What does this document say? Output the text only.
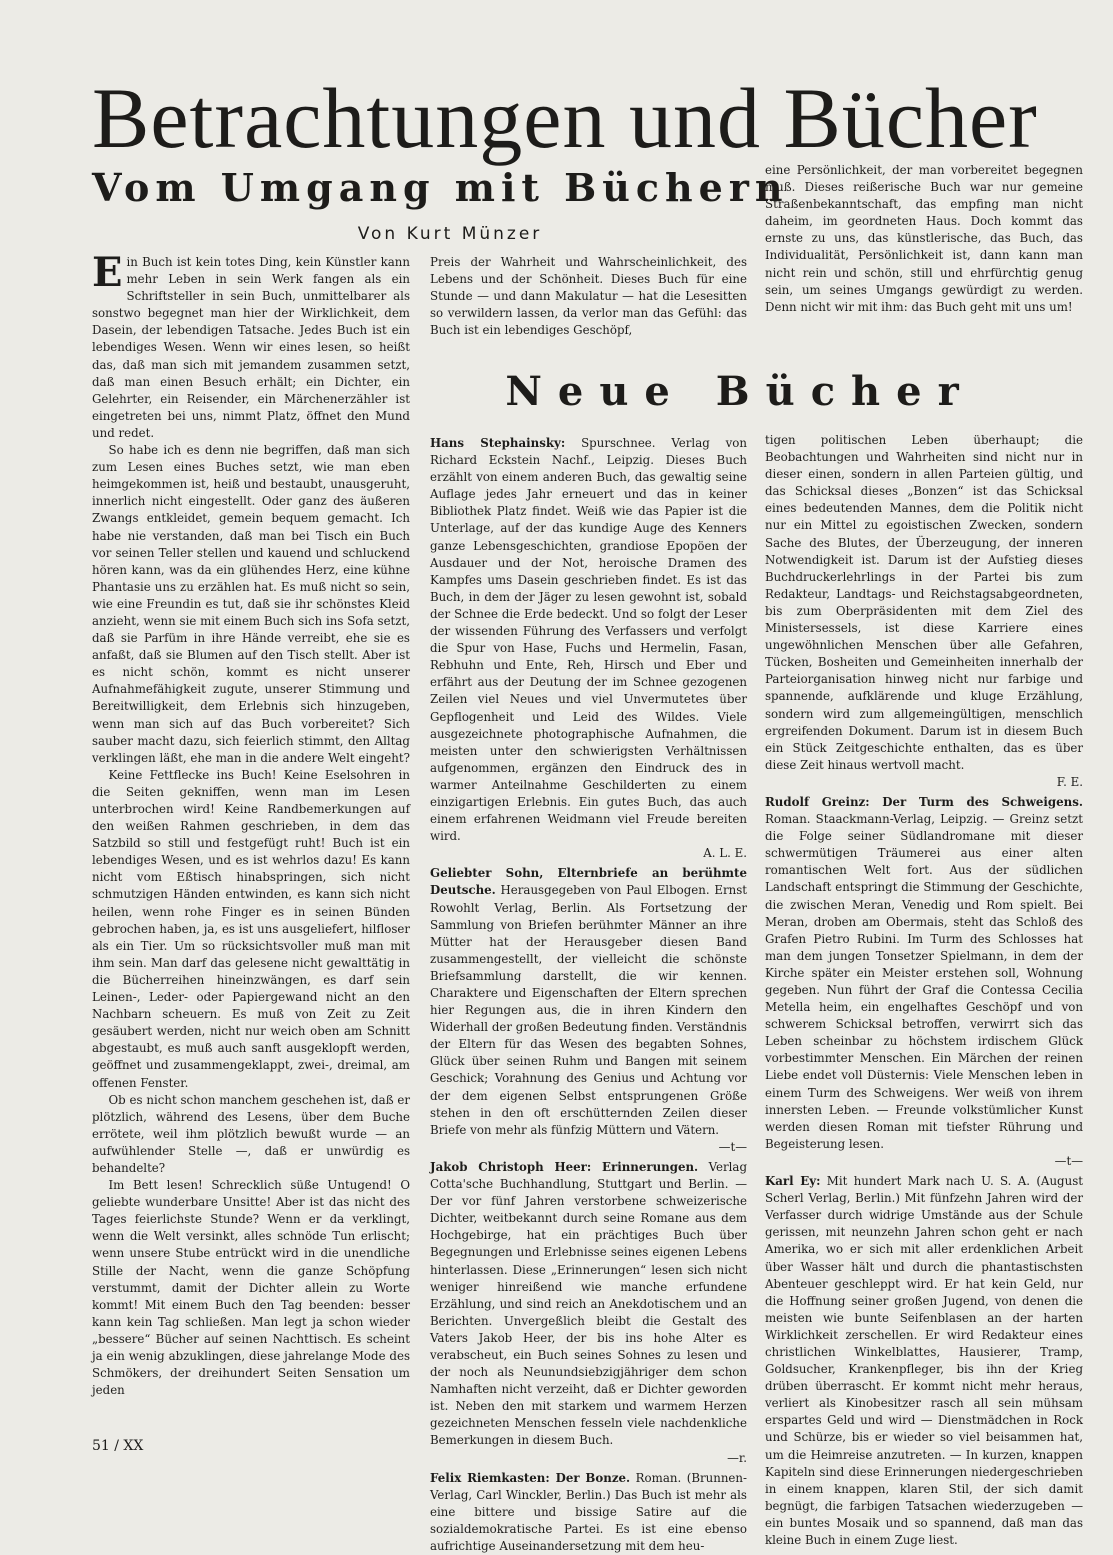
Betrachtungen und Bücher
Vom Umgang mit Büchern
Von Kurt Münzer

Ein Buch ist kein totes Ding, kein Künstler kann mehr Leben in sein Werk fangen als ein Schriftsteller in sein Buch, unmittelbarer als sonstwo begegnet man hier der Wirklichkeit, dem Dasein, der lebendigen Tatsache. Jedes Buch ist ein lebendiges Wesen. Wenn wir eines lesen, so heißt das, daß man sich mit jemandem zusammen setzt, daß man einen Besuch erhält; ein Dichter, ein Gelehrter, ein Reisender, ein Märchenerzähler ist eingetreten bei uns, nimmt Platz, öffnet den Mund und redet.

So habe ich es denn nie begriffen, daß man sich zum Lesen eines Buches setzt, wie man eben heimgekommen ist, heiß und bestaubt, unausgeruht, innerlich nicht eingestellt. Oder ganz des äußeren Zwangs entkleidet, gemein bequem gemacht. Ich habe nie verstanden, daß man bei Tisch ein Buch vor seinen Teller stellen und kauend und schluckend hören kann, was da ein glühendes Herz, eine kühne Phantasie uns zu erzählen hat. Es muß nicht so sein, wie eine Freundin es tut, daß sie ihr schönstes Kleid anzieht, wenn sie mit einem Buch sich ins Sofa setzt, daß sie Parfüm in ihre Hände verreibt, ehe sie es anfaßt, daß sie Blumen auf den Tisch stellt. Aber ist es nicht schön, kommt es nicht unserer Aufnahmefähigkeit zugute, unserer Stimmung und Bereitwilligkeit, dem Erlebnis sich hinzugeben, wenn man sich auf das Buch vorbereitet? Sich sauber macht dazu, sich feierlich stimmt, den Alltag verklingen läßt, ehe man in die andere Welt eingeht?

Keine Fettflecke ins Buch! Keine Eselsohren in die Seiten gekniffen, wenn man im Lesen unterbrochen wird! Keine Randbemerkungen auf den weißen Rahmen geschrieben, in dem das Satzbild so still und festgefügt ruht! Buch ist ein lebendiges Wesen, und es ist wehrlos dazu! Es kann nicht vom Eßtisch hinabspringen, sich nicht schmutzigen Händen entwinden, es kann sich nicht heilen, wenn rohe Finger es in seinen Bünden gebrochen haben, ja, es ist uns ausgeliefert, hilfloser als ein Tier. Um so rücksichtsvoller muß man mit ihm sein. Man darf das gelesene nicht gewalttätig in die Bücherreihen hineinzwängen, es darf sein Leinen-, Leder- oder Papiergewand nicht an den Nachbarn scheuern. Es muß von Zeit zu Zeit gesäubert werden, nicht nur weich oben am Schnitt abgestaubt, es muß auch sanft ausgeklopft werden, geöffnet und zusammengeklappt, zwei-, dreimal, am offenen Fenster.

Ob es nicht schon manchem geschehen ist, daß er plötzlich, während des Lesens, über dem Buche errötete, weil ihm plötzlich bewußt wurde — an aufwühlender Stelle —, daß er unwürdig es behandelte?

Im Bett lesen! Schrecklich süße Untugend! O geliebte wunderbare Unsitte! Aber ist das nicht des Tages feierlichste Stunde? Wenn er da verklingt, wenn die Welt versinkt, alles schnöde Tun erlischt; wenn unsere Stube entrückt wird in die unendliche Stille der Nacht, wenn die ganze Schöpfung verstummt, damit der Dichter allein zu Worte kommt! Mit einem Buch den Tag beenden: besser kann kein Tag schließen. Man legt ja schon wieder „bessere“ Bücher auf seinen Nachttisch. Es scheint ja ein wenig abzuklingen, diese jahrelange Mode des Schmökers, der dreihundert Seiten Sensation um jeden

Preis der Wahrheit und Wahrscheinlichkeit, des Lebens und der Schönheit. Dieses Buch für eine Stunde — und dann Makulatur — hat die Lesesitten so verwildern lassen, da verlor man das Gefühl: das Buch ist ein lebendiges Geschöpf,

eine Persönlichkeit, der man vorbereitet begegnen muß. Dieses reißerische Buch war nur gemeine Straßenbekanntschaft, das empfing man nicht daheim, im geordneten Haus. Doch kommt das ernste zu uns, das künstlerische, das Buch, das Individualität, Persönlichkeit ist, dann kann man nicht rein und schön, still und ehrfürchtig genug sein, um seines Umgangs gewürdigt zu werden. Denn nicht wir mit ihm: das Buch geht mit uns um!

Neue Bücher

Hans Stephainsky: Spurschnee. Verlag von Richard Eckstein Nachf., Leipzig. Dieses Buch erzählt von einem anderen Buch, das gewaltig seine Auflage jedes Jahr erneuert und das in keiner Bibliothek Platz findet. Weiß wie das Papier ist die Unterlage, auf der das kundige Auge des Kenners ganze Lebensgeschichten, grandiose Epopöen der Ausdauer und der Not, heroische Dramen des Kampfes ums Dasein geschrieben findet. Es ist das Buch, in dem der Jäger zu lesen gewohnt ist, sobald der Schnee die Erde bedeckt. Und so folgt der Leser der wissenden Führung des Verfassers und verfolgt die Spur von Hase, Fuchs und Hermelin, Fasan, Rebhuhn und Ente, Reh, Hirsch und Eber und erfährt aus der Deutung der im Schnee gezogenen Zeilen viel Neues und viel Unvermutetes über Gepflogenheit und Leid des Wildes. Viele ausgezeichnete photographische Aufnahmen, die meisten unter den schwierigsten Verhältnissen aufgenommen, ergänzen den Eindruck des in warmer Anteilnahme Geschilderten zu einem einzigartigen Erlebnis. Ein gutes Buch, das auch einem erfahrenen Weidmann viel Freude bereiten wird.
A. L. E.

Geliebter Sohn, Elternbriefe an berühmte Deutsche. Herausgegeben von Paul Elbogen. Ernst Rowohlt Verlag, Berlin. Als Fortsetzung der Sammlung von Briefen berühmter Männer an ihre Mütter hat der Herausgeber diesen Band zusammengestellt, der vielleicht die schönste Briefsammlung darstellt, die wir kennen. Charaktere und Eigenschaften der Eltern sprechen hier Regungen aus, die in ihren Kindern den Widerhall der großen Bedeutung finden. Verständnis der Eltern für das Wesen des begabten Sohnes, Glück über seinen Ruhm und Bangen mit seinem Geschick; Vorahnung des Genius und Achtung vor der dem eigenen Selbst entsprungenen Größe stehen in den oft erschütternden Zeilen dieser Briefe von mehr als fünfzig Müttern und Vätern.
—t—

Jakob Christoph Heer: Erinnerungen. Verlag Cotta'sche Buchhandlung, Stuttgart und Berlin. — Der vor fünf Jahren verstorbene schweizerische Dichter, weitbekannt durch seine Romane aus dem Hochgebirge, hat ein prächtiges Buch über Begegnungen und Erlebnisse seines eigenen Lebens hinterlassen. Diese „Erinnerungen“ lesen sich nicht weniger hinreißend wie manche erfundene Erzählung, und sind reich an Anekdotischem und an Berichten. Unvergeßlich bleibt die Gestalt des Vaters Jakob Heer, der bis ins hohe Alter es verabscheut, ein Buch seines Sohnes zu lesen und der noch als Neunundsiebzigjähriger dem schon Namhaften nicht verzeiht, daß er Dichter geworden ist. Neben den mit starkem und warmem Herzen gezeichneten Menschen fesseln viele nachdenkliche Bemerkungen in diesem Buch.
—r.

Felix Riemkasten: Der Bonze. Roman. (Brunnen-Verlag, Carl Winckler, Berlin.) Das Buch ist mehr als eine bittere und bissige Satire auf die sozialdemokratische Partei. Es ist eine ebenso aufrichtige Auseinandersetzung mit dem heu-

tigen politischen Leben überhaupt; die Beobachtungen und Wahrheiten sind nicht nur in dieser einen, sondern in allen Parteien gültig, und das Schicksal dieses „Bonzen“ ist das Schicksal eines bedeutenden Mannes, dem die Politik nicht nur ein Mittel zu egoistischen Zwecken, sondern Sache des Blutes, der Überzeugung, der inneren Notwendigkeit ist. Darum ist der Aufstieg dieses Buchdruckerlehrlings in der Partei bis zum Redakteur, Landtags- und Reichstagsabgeordneten, bis zum Oberpräsidenten mit dem Ziel des Ministersessels, ist diese Karriere eines ungewöhnlichen Menschen über alle Gefahren, Tücken, Bosheiten und Gemeinheiten innerhalb der Parteiorganisation hinweg nicht nur farbige und spannende, aufklärende und kluge Erzählung, sondern wird zum allgemeingültigen, menschlich ergreifenden Dokument. Darum ist in diesem Buch ein Stück Zeitgeschichte enthalten, das es über diese Zeit hinaus wertvoll macht.
F. E.

Rudolf Greinz: Der Turm des Schweigens. Roman. Staackmann-Verlag, Leipzig. — Greinz setzt die Folge seiner Südlandromane mit dieser schwermütigen Träumerei aus einer alten romantischen Welt fort. Aus der südlichen Landschaft entspringt die Stimmung der Geschichte, die zwischen Meran, Venedig und Rom spielt. Bei Meran, droben am Obermais, steht das Schloß des Grafen Pietro Rubini. Im Turm des Schlosses hat man dem jungen Tonsetzer Spielmann, in dem der Kirche später ein Meister erstehen soll, Wohnung gegeben. Nun führt der Graf die Contessa Cecilia Metella heim, ein engelhaftes Geschöpf und von schwerem Schicksal betroffen, verwirrt sich das Leben scheinbar zu höchstem irdischem Glück vorbestimmter Menschen. Ein Märchen der reinen Liebe endet voll Düsternis: Viele Menschen leben in einem Turm des Schweigens. Wer weiß von ihrem innersten Leben. — Freunde volkstümlicher Kunst werden diesen Roman mit tiefster Rührung und Begeisterung lesen.
—t—

Karl Ey: Mit hundert Mark nach U. S. A. (August Scherl Verlag, Berlin.) Mit fünfzehn Jahren wird der Verfasser durch widrige Umstände aus der Schule gerissen, mit neunzehn Jahren schon geht er nach Amerika, wo er sich mit aller erdenklichen Arbeit über Wasser hält und durch die phantastischsten Abenteuer geschleppt wird. Er hat kein Geld, nur die Hoffnung seiner großen Jugend, von denen die meisten wie bunte Seifenblasen an der harten Wirklichkeit zerschellen. Er wird Redakteur eines christlichen Winkelblattes, Hausierer, Tramp, Goldsucher, Krankenpfleger, bis ihn der Krieg drüben überrascht. Er kommt nicht mehr heraus, verliert als Kinobesitzer rasch all sein mühsam erspartes Geld und wird — Dienstmädchen in Rock und Schürze, bis er wieder so viel beisammen hat, um die Heimreise anzutreten. — In kurzen, knappen Kapiteln sind diese Erinnerungen niedergeschrieben in einem knappen, klaren Stil, der sich damit begnügt, die farbigen Tatsachen wiederzugeben — ein buntes Mosaik und so spannend, daß man das kleine Buch in einem Zuge liest.

51 / XX
